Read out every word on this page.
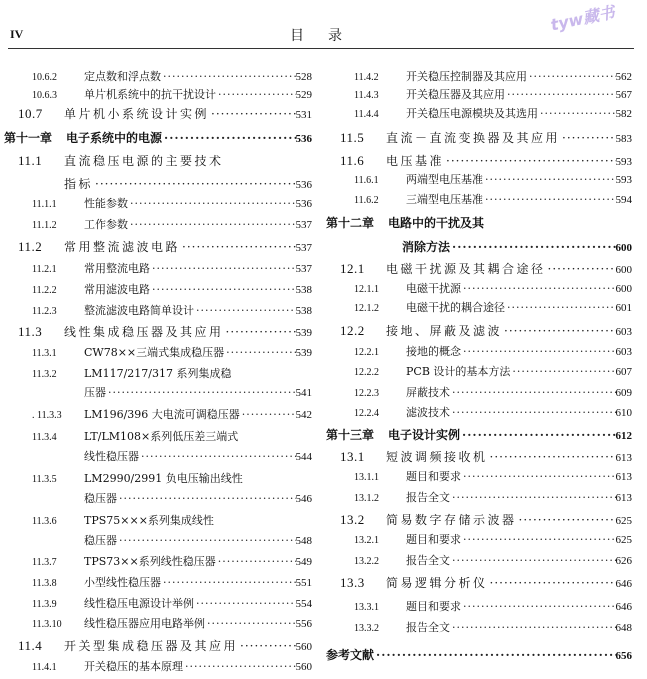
IV	目录
tyw藏书
10.6.2	定点数和浮点数 ·····	528
10.6.3	单片机系统中的抗干扰设计 ·····	529
10.7	单片机小系统设计实例 ·····	531
第十一章 电子系统中的电源 ·····	536
11.1	直流稳压电源的主要技术
指标 ·····	536
11.1.1	性能参数 ·····	536
11.1.2	工作参数 ·····	537
11.2	常用整流滤波电路 ·····	537
11.2.1	常用整流电路 ·····	537
11.2.2	常用滤波电路 ·····	538
11.2.3	整流滤波电路简单设计 ·····	538
11.3	线性集成稳压器及其应用 ·····	539
11.3.1	CW78××三端式集成稳压器 ·····	539
11.3.2	LM117/217/317 系列集成稳
压器 ·····	541
. 11.3.3	LM196/396 大电流可调稳压器 ·····	542
11.3.4	LT/LM108×系列低压差三端式
线性稳压器 ·····	544
11.3.5	LM2990/2991 负电压输出线性
稳压器 ·····	546
11.3.6	TPS75×××系列集成线性
稳压器 ·····	548
11.3.7	TPS73××系列线性稳压器 ·····	549
11.3.8	小型线性稳压器 ·····	551
11.3.9	线性稳压电源设计举例 ·····	554
11.3.10	线性稳压器应用电路举例 ·····	556
11.4	开关型集成稳压器及其应用 ·····	560
11.4.1	开关稳压的基本原理 ·····	560
11.4.2	开关稳压控制器及其应用 ·····	562
11.4.3	开关稳压器及其应用 ·····	567
11.4.4	开关稳压电源模块及其选用 ·····	582
11.5	直流－直流变换器及其应用 ·····	583
11.6	电压基准 ·····	593
11.6.1	两端型电压基准 ·····	593
11.6.2	三端型电压基准 ·····	594
第十二章 电路中的干扰及其
消除方法 ·····	600
12.1	电磁干扰源及其耦合途径 ·····	600
12.1.1	电磁干扰源 ·····	600
12.1.2	电磁干扰的耦合途径 ·····	601
12.2	接地、屏蔽及滤波 ·····	603
12.2.1	接地的概念 ·····	603
12.2.2	PCB 设计的基本方法 ·····	607
12.2.3	屏蔽技术 ·····	609
12.2.4	滤波技术 ·····	610
第十三章 电子设计实例 ·····	612
13.1	短波调频接收机 ·····	613
13.1.1	题目和要求 ·····	613
13.1.2	报告全文 ·····	613
13.2	简易数字存储示波器 ·····	625
13.2.1	题目和要求 ·····	625
13.2.2	报告全文 ·····	626
13.3	简易逻辑分析仪 ·····	646
13.3.1	题目和要求 ·····	646
13.3.2	报告全文 ·····	648
参考文献 ·····	656
